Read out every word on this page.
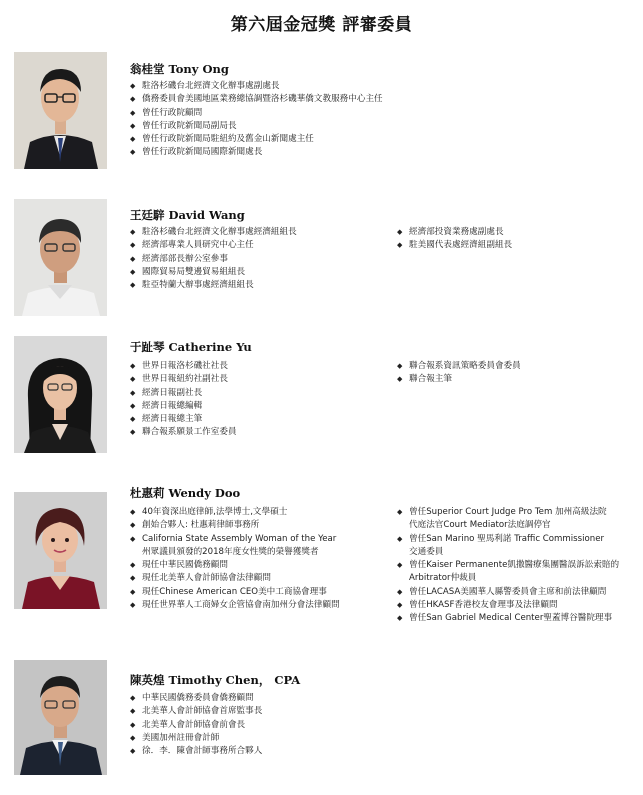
第六屆金冠獎 評審委員
翁桂堂 Tony Ong
◆ 駐洛杉磯台北經濟文化辦事處副處長
◆ 僑務委員會美國地區業務總協調暨洛杉磯華僑文教服務中心主任
◆ 曾任行政院顧問
◆ 曾任行政院新聞局副局長
◆ 曾任行政院新聞局駐紐約及舊金山新聞處主任
◆ 曾任行政院新聞局國際新聞處長
王廷騂 David Wang
◆ 駐洛杉磯台北經濟文化辦事處經濟組組長
◆ 經濟部專業人員研究中心主任
◆ 經濟部部長辦公室參事
◆ 國際貿易局雙邊貿易組組長
◆ 駐亞特蘭大辦事處經濟組組長
◆ 經濟部投資業務處副處長
◆ 駐美國代表處經濟組副組長
于趾琴 Catherine Yu
◆ 世界日報洛杉磯社社長
◆ 世界日報紐約社副社長
◆ 經濟日報副社長
◆ 經濟日報總編輯
◆ 經濟日報總主筆
◆ 聯合報系願景工作室委員
◆ 聯合報系資訊策略委員會委員
◆ 聯合報主筆
杜惠莉 Wendy Doo
◆ 40年資深出庭律師,法學博士,文學碩士
◆ 創始合夥人: 杜惠莉律師事務所
◆ California State Assembly Woman of the Year
州眾議員頒發的2018年度女性獎的榮譽獲獎者
◆ 現任中華民國僑務顧問
◆ 現任北美華人會計師協會法律顧問
◆ 現任Chinese American CEO美中工商協會理事
◆ 現任世界華人工商婦女企管協會南加州分會法律顧問
◆ 曾任Superior Court Judge Pro Tem 加州高級法院
代庭法官Court Mediator法庭調停官
◆ 曾任San Marino 聖馬利諾 Traffic Commissioner
交通委員
◆ 曾任Kaiser Permanente凱撒醫療集團醫誤訴訟索賠的
Arbitrator仲裁員
◆ 曾任LACASA美國華人縣警委員會主席和前法律顧問
◆ 曾任HKASF香港校友會理事及法律顧問
◆ 曾任San Gabriel Medical Center聖蓋博谷醫院理事
陳英煌 Timothy Chen， CPA
◆ 中華民國僑務委員會僑務顧問
◆ 北美華人會計師協會首席監事長
◆ 北美華人會計師協會前會長
◆ 美國加州註冊會計師
◆ 徐．李．陳會計師事務所合夥人
